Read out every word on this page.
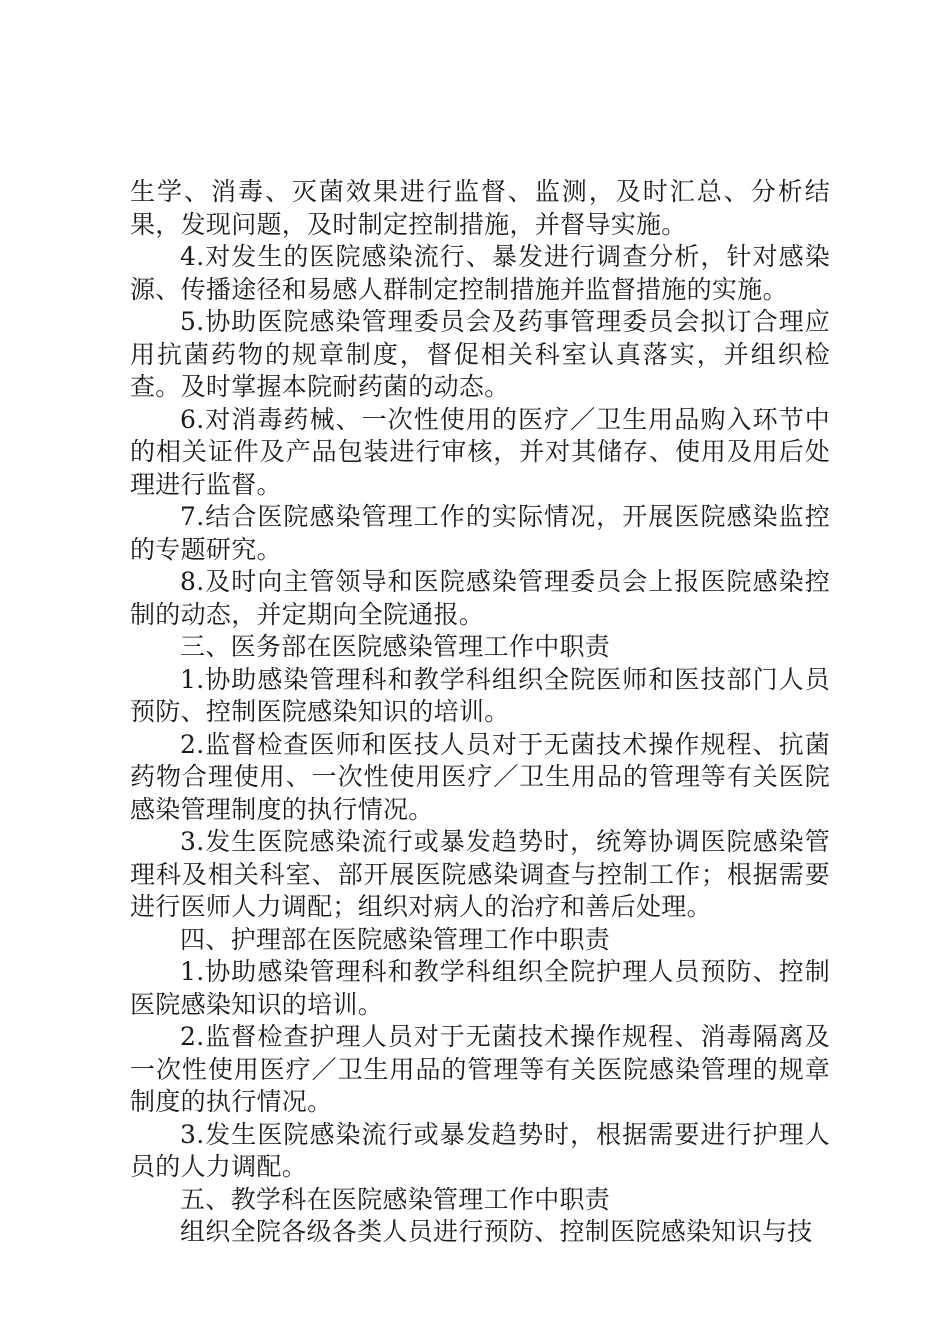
生学、消毒、灭菌效果进行监督、监测，及时汇总、分析结果，发现问题，及时制定控制措施，并督导实施。

4.对发生的医院感染流行、暴发进行调查分析，针对感染源、传播途径和易感人群制定控制措施并监督措施的实施。

5.协助医院感染管理委员会及药事管理委员会拟订合理应用抗菌药物的规章制度，督促相关科室认真落实，并组织检查。及时掌握本院耐药菌的动态。

6.对消毒药械、一次性使用的医疗／卫生用品购入环节中的相关证件及产品包装进行审核，并对其储存、使用及用后处理进行监督。

7.结合医院感染管理工作的实际情况，开展医院感染监控的专题研究。

8.及时向主管领导和医院感染管理委员会上报医院感染控制的动态，并定期向全院通报。

三、医务部在医院感染管理工作中职责

1.协助感染管理科和教学科组织全院医师和医技部门人员预防、控制医院感染知识的培训。

2.监督检查医师和医技人员对于无菌技术操作规程、抗菌药物合理使用、一次性使用医疗／卫生用品的管理等有关医院感染管理制度的执行情况。

3.发生医院感染流行或暴发趋势时，统筹协调医院感染管理科及相关科室、部开展医院感染调查与控制工作；根据需要进行医师人力调配；组织对病人的治疗和善后处理。

四、护理部在医院感染管理工作中职责

1.协助感染管理科和教学科组织全院护理人员预防、控制医院感染知识的培训。

2.监督检查护理人员对于无菌技术操作规程、消毒隔离及一次性使用医疗／卫生用品的管理等有关医院感染管理的规章制度的执行情况。

3.发生医院感染流行或暴发趋势时，根据需要进行护理人员的人力调配。

五、教学科在医院感染管理工作中职责

组织全院各级各类人员进行预防、控制医院感染知识与技
